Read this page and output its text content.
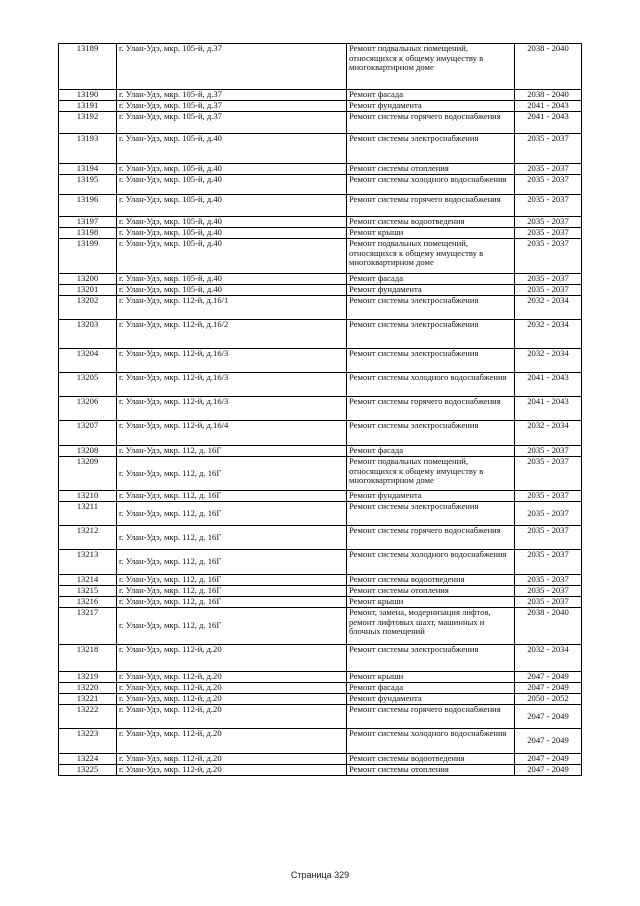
13189	г. Улан-Удэ, мкр. 105-й, д.37	Ремонт подвальных помещений, относящихся к общему имуществу в многоквартирном доме	2038 - 2040
13190	г. Улан-Удэ, мкр. 105-й, д.37	Ремонт фасада	2038 - 2040
13191	г. Улан-Удэ, мкр. 105-й, д.37	Ремонт фундамента	2041 - 2043
13192	г. Улан-Удэ, мкр. 105-й, д.37	Ремонт системы горячего водоснабжения	2041 - 2043
13193	г. Улан-Удэ, мкр. 105-й, д.40	Ремонт системы электроснабжения	2035 - 2037
13194	г. Улан-Удэ, мкр. 105-й, д.40	Ремонт системы отопления	2035 - 2037
13195	г. Улан-Удэ, мкр. 105-й, д.40	Ремонт системы холодного водоснабжения	2035 - 2037
13196	г. Улан-Удэ, мкр. 105-й, д.40	Ремонт системы горячего водоснабжения	2035 - 2037
13197	г. Улан-Удэ, мкр. 105-й, д.40	Ремонт системы водоотведения	2035 - 2037
13198	г. Улан-Удэ, мкр. 105-й, д.40	Ремонт крыши	2035 - 2037
13199	г. Улан-Удэ, мкр. 105-й, д.40	Ремонт подвальных помещений, относящихся к общему имуществу в многоквартирном доме	2035 - 2037
13200	г. Улан-Удэ, мкр. 105-й, д.40	Ремонт фасада	2035 - 2037
13201	г. Улан-Удэ, мкр. 105-й, д.40	Ремонт фундамента	2035 - 2037
13202	г. Улан-Удэ, мкр. 112-й, д.16/1	Ремонт системы электроснабжения	2032 - 2034
13203	г. Улан-Удэ, мкр. 112-й, д.16/2	Ремонт системы электроснабжения	2032 - 2034
13204	г. Улан-Удэ, мкр. 112-й, д.16/3	Ремонт системы электроснабжения	2032 - 2034
13205	г. Улан-Удэ, мкр. 112-й, д.16/3	Ремонт системы холодного водоснабжения	2041 - 2043
13206	г. Улан-Удэ, мкр. 112-й, д.16/3	Ремонт системы горячего водоснабжения	2041 - 2043
13207	г. Улан-Удэ, мкр. 112-й, д.16/4	Ремонт системы электроснабжения	2032 - 2034
13208	г. Улан-Удэ, мкр. 112, д. 16Г	Ремонт фасада	2035 - 2037
13209	г. Улан-Удэ, мкр. 112, д. 16Г	Ремонт подвальных помещений, относящихся к общему имуществу в многоквартирном доме	2035 - 2037
13210	г. Улан-Удэ, мкр. 112, д. 16Г	Ремонт фундамента	2035 - 2037
13211	г. Улан-Удэ, мкр. 112, д. 16Г	Ремонт системы электроснабжения	2035 - 2037
13212	г. Улан-Удэ, мкр. 112, д. 16Г	Ремонт системы горячего водоснабжения	2035 - 2037
13213	г. Улан-Удэ, мкр. 112, д. 16Г	Ремонт системы холодного водоснабжения	2035 - 2037
13214	г. Улан-Удэ, мкр. 112, д. 16Г	Ремонт системы водоотведения	2035 - 2037
13215	г. Улан-Удэ, мкр. 112, д. 16Г	Ремонт системы отопления	2035 - 2037
13216	г. Улан-Удэ, мкр. 112, д. 16Г	Ремонт крыши	2035 - 2037
13217	г. Улан-Удэ, мкр. 112, д. 16Г	Ремонт, замена, модернизация лифтов, ремонт лифтовых шахт, машинных и блочных помещений	2038 - 2040
13218	г. Улан-Удэ, мкр. 112-й, д.20	Ремонт системы электроснабжения	2032 - 2034
13219	г. Улан-Удэ, мкр. 112-й, д.20	Ремонт крыши	2047 - 2049
13220	г. Улан-Удэ, мкр. 112-й, д.20	Ремонт фасада	2047 - 2049
13221	г. Улан-Удэ, мкр. 112-й, д.20	Ремонт фундамента	2050 - 2052
13222	г. Улан-Удэ, мкр. 112-й, д.20	Ремонт системы горячего водоснабжения	2047 - 2049
13223	г. Улан-Удэ, мкр. 112-й, д.20	Ремонт системы холодного водоснабжения	2047 - 2049
13224	г. Улан-Удэ, мкр. 112-й, д.20	Ремонт системы водоотведения	2047 - 2049
13225	г. Улан-Удэ, мкр. 112-й, д.20	Ремонт системы отопления	2047 - 2049
Страница 329
